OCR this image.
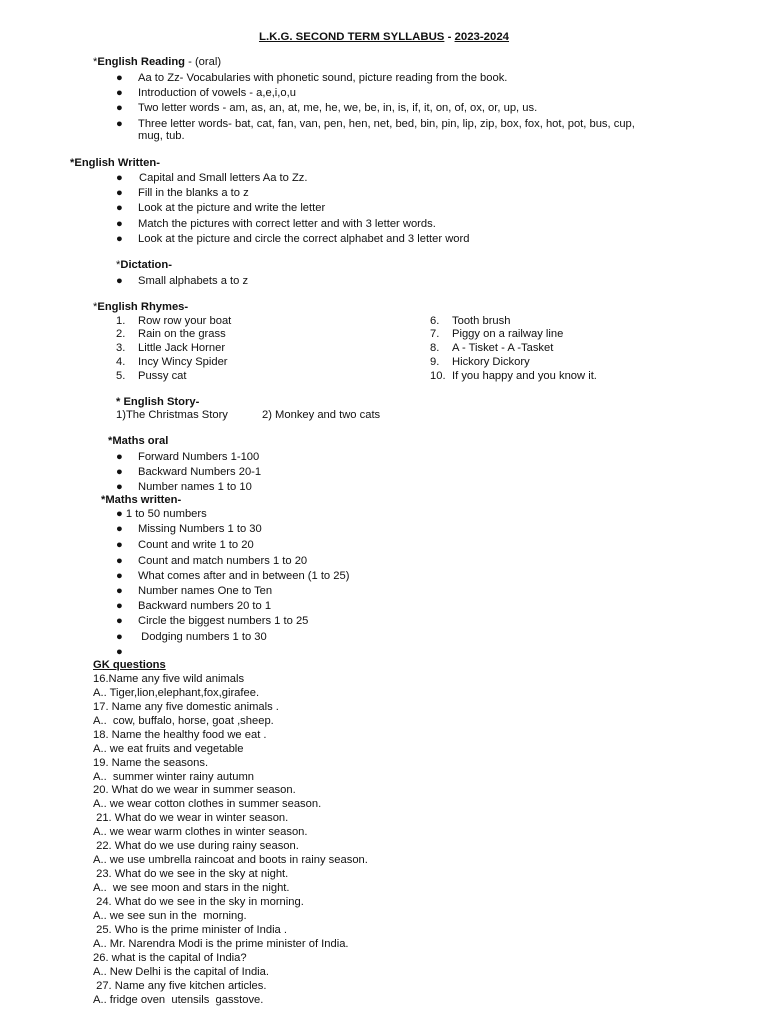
L.K.G. SECOND TERM SYLLABUS - 2023-2024
*English Reading - (oral)
● Aa to Zz- Vocabularies with phonetic sound, picture reading from the book.
● Introduction of vowels - a,e,i,o,u
● Two letter words - am, as, an, at, me, he, we, be, in, is, if, it, on, of, ox, or, up, us.
● Three letter words- bat, cat, fan, van, pen, hen, net, bed, bin, pin, lip, zip, box, fox, hot, pot, bus, cup,
mug, tub.
*English Written-
● Capital and Small letters Aa to Zz.
● Fill in the blanks a to z
● Look at the picture and write the letter
● Match the pictures with correct letter and with 3 letter words.
● Look at the picture and circle the correct alphabet and 3 letter word
*Dictation-
● Small alphabets a to z
*English Rhymes-
1. Row row your boat
2. Rain on the grass
3. Little Jack Horner
4. Incy Wincy Spider
5. Pussy cat
6. Tooth brush
7. Piggy on a railway line
8. A - Tisket - A -Tasket
9. Hickory Dickory
10. If you happy and you know it.
* English Story-
1)The Christmas Story	2) Monkey and two cats
*Maths oral
● Forward Numbers 1-100
● Backward Numbers 20-1
● Number names 1 to 10
*Maths written-
● 1 to 50 numbers
● Missing Numbers 1 to 30
● Count and write 1 to 20
● Count and match numbers 1 to 20
● What comes after and in between (1 to 25)
● Number names One to Ten
● Backward numbers 20 to 1
● Circle the biggest numbers 1 to 25
● Dodging numbers 1 to 30
●
GK questions
16.Name any five wild animals
A.. Tiger,lion,elephant,fox,girafee.
17. Name any five domestic animals .
A..  cow, buffalo, horse, goat ,sheep.
18. Name the healthy food we eat .
A.. we eat fruits and vegetable
19. Name the seasons.
A..  summer winter rainy autumn
20. What do we wear in summer season.
A.. we wear cotton clothes in summer season.
21. What do we wear in winter season.
A.. we wear warm clothes in winter season.
22. What do we use during rainy season.
A.. we use umbrella raincoat and boots in rainy season.
23. What do we see in the sky at night.
A..  we see moon and stars in the night.
24. What do we see in the sky in morning.
A.. we see sun in the  morning.
25. Who is the prime minister of India .
A.. Mr. Narendra Modi is the prime minister of India.
26. what is the capital of India?
A.. New Delhi is the capital of India.
27. Name any five kitchen articles.
A.. fridge oven  utensils  gasstove.
